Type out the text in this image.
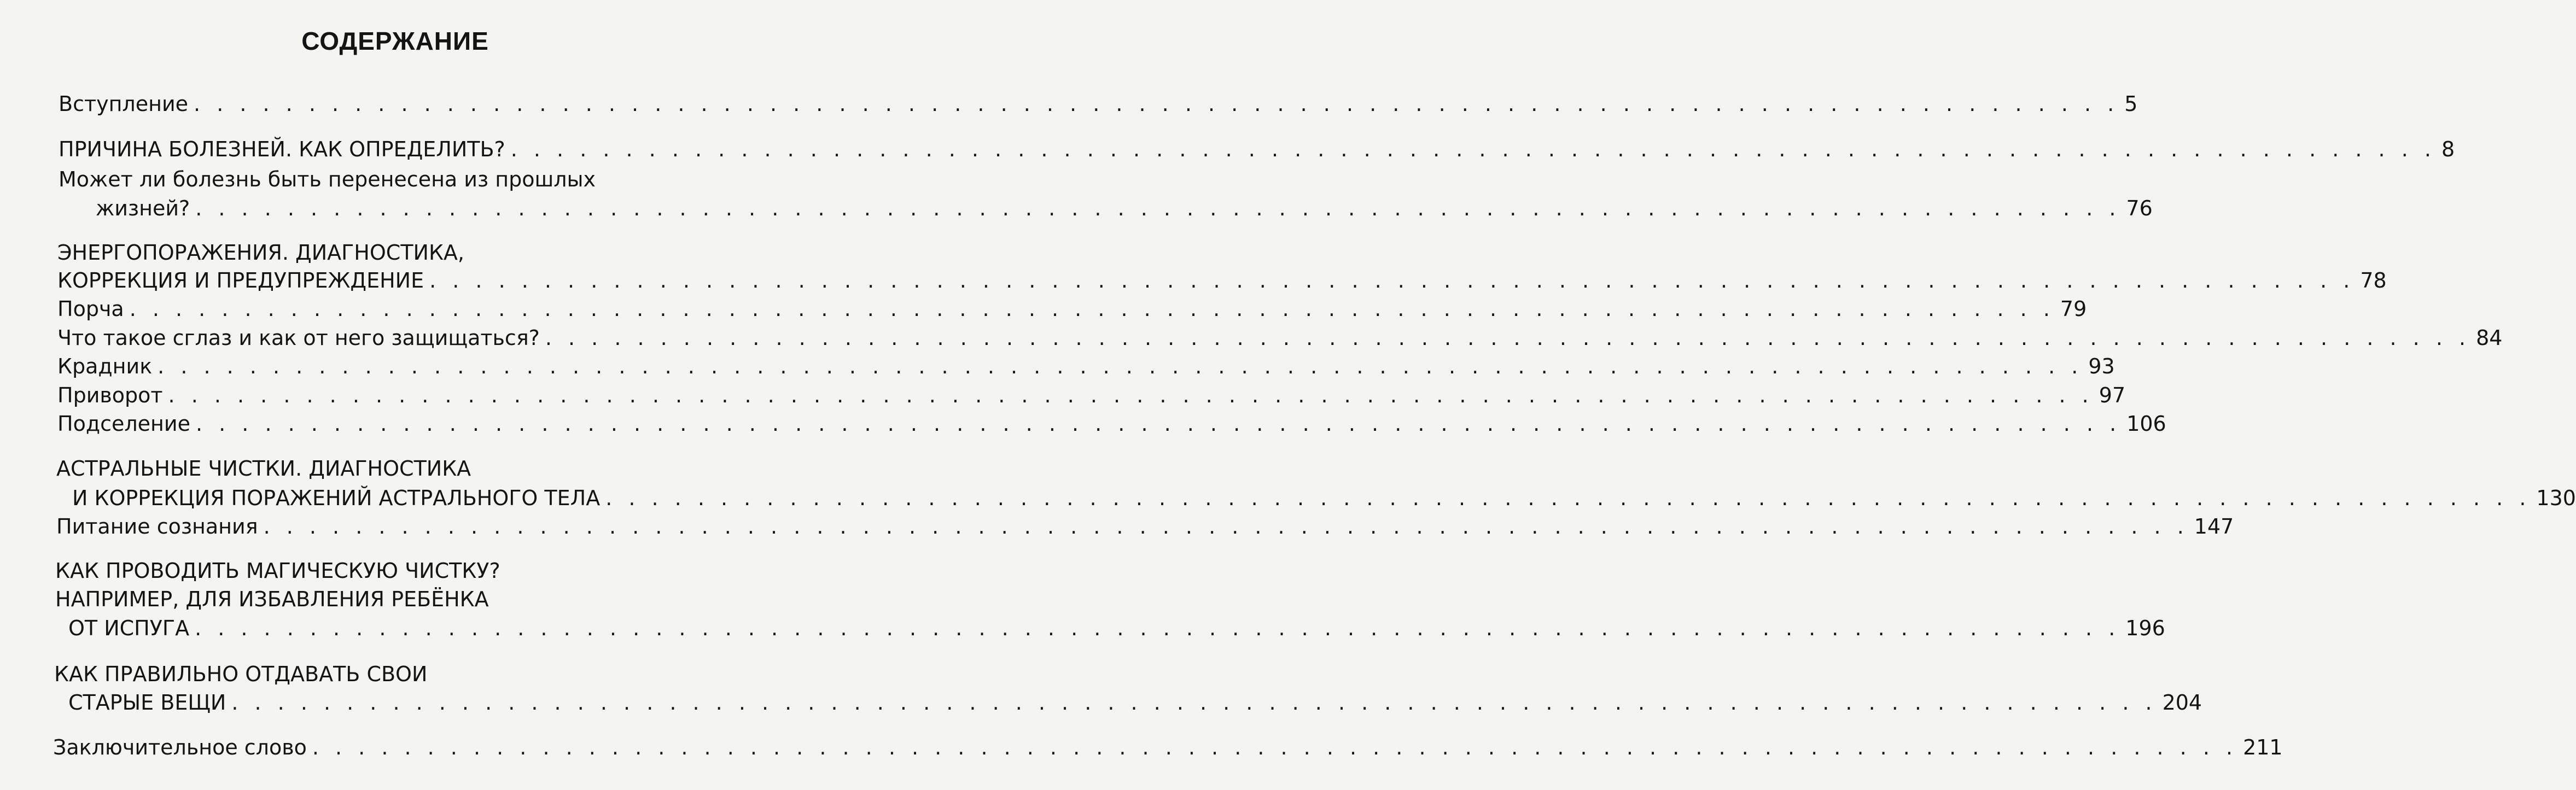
СОДЕРЖАНИЕ
Вступление . . . . . . . . . . . . . . . . . . . . . . . . . . . . . . . . . . . . . . . . . . . . . . . . . . . . . . . . . . . . . . . . . . . . . . . . . . . . . . . . . . . . 5
ПРИЧИНА БОЛЕЗНЕЙ. КАК ОПРЕДЕЛИТЬ? . . . . . . . . . . . . . . . . . . . . . . . . . . . . . . . . . . . . . . . . . . . . . . . . . . . . . . . . . . . . . . . . . . . . . . . . . . . . . . . . . . . . 8
Может ли болезнь быть перенесена из прошлых
жизней? . . . . . . . . . . . . . . . . . . . . . . . . . . . . . . . . . . . . . . . . . . . . . . . . . . . . . . . . . . . . . . . . . . . . . . . . . . . . . . . . . . . . 76
ЭНЕРГОПОРАЖЕНИЯ. ДИАГНОСТИКА,
КОРРЕКЦИЯ И ПРЕДУПРЕЖДЕНИЕ . . . . . . . . . . . . . . . . . . . . . . . . . . . . . . . . . . . . . . . . . . . . . . . . . . . . . . . . . . . . . . . . . . . . . . . . . . . . . . . . . . . . 78
Порча . . . . . . . . . . . . . . . . . . . . . . . . . . . . . . . . . . . . . . . . . . . . . . . . . . . . . . . . . . . . . . . . . . . . . . . . . . . . . . . . . . . . 79
Что такое сглаз и как от него защищаться? . . . . . . . . . . . . . . . . . . . . . . . . . . . . . . . . . . . . . . . . . . . . . . . . . . . . . . . . . . . . . . . . . . . . . . . . . . . . . . . . . . . . 84
Крадник . . . . . . . . . . . . . . . . . . . . . . . . . . . . . . . . . . . . . . . . . . . . . . . . . . . . . . . . . . . . . . . . . . . . . . . . . . . . . . . . . . . . 93
Приворот . . . . . . . . . . . . . . . . . . . . . . . . . . . . . . . . . . . . . . . . . . . . . . . . . . . . . . . . . . . . . . . . . . . . . . . . . . . . . . . . . . . . 97
Подселение . . . . . . . . . . . . . . . . . . . . . . . . . . . . . . . . . . . . . . . . . . . . . . . . . . . . . . . . . . . . . . . . . . . . . . . . . . . . . . . . . . . . 106
АСТРАЛЬНЫЕ ЧИСТКИ. ДИАГНОСТИКА
И КОРРЕКЦИЯ ПОРАЖЕНИЙ АСТРАЛЬНОГО ТЕЛА . . . . . . . . . . . . . . . . . . . . . . . . . . . . . . . . . . . . . . . . . . . . . . . . . . . . . . . . . . . . . . . . . . . . . . . . . . . . . . . . . . . . 130
Питание сознания . . . . . . . . . . . . . . . . . . . . . . . . . . . . . . . . . . . . . . . . . . . . . . . . . . . . . . . . . . . . . . . . . . . . . . . . . . . . . . . . . . . . 147
КАК ПРОВОДИТЬ МАГИЧЕСКУЮ ЧИСТКУ?
НАПРИМЕР, ДЛЯ ИЗБАВЛЕНИЯ РЕБЁНКА
ОТ ИСПУГА . . . . . . . . . . . . . . . . . . . . . . . . . . . . . . . . . . . . . . . . . . . . . . . . . . . . . . . . . . . . . . . . . . . . . . . . . . . . . . . . . . . . 196
КАК ПРАВИЛЬНО ОТДАВАТЬ СВОИ
СТАРЫЕ ВЕЩИ . . . . . . . . . . . . . . . . . . . . . . . . . . . . . . . . . . . . . . . . . . . . . . . . . . . . . . . . . . . . . . . . . . . . . . . . . . . . . . . . . . . . 204
Заключительное слово . . . . . . . . . . . . . . . . . . . . . . . . . . . . . . . . . . . . . . . . . . . . . . . . . . . . . . . . . . . . . . . . . . . . . . . . . . . . . . . . . . . . 211
